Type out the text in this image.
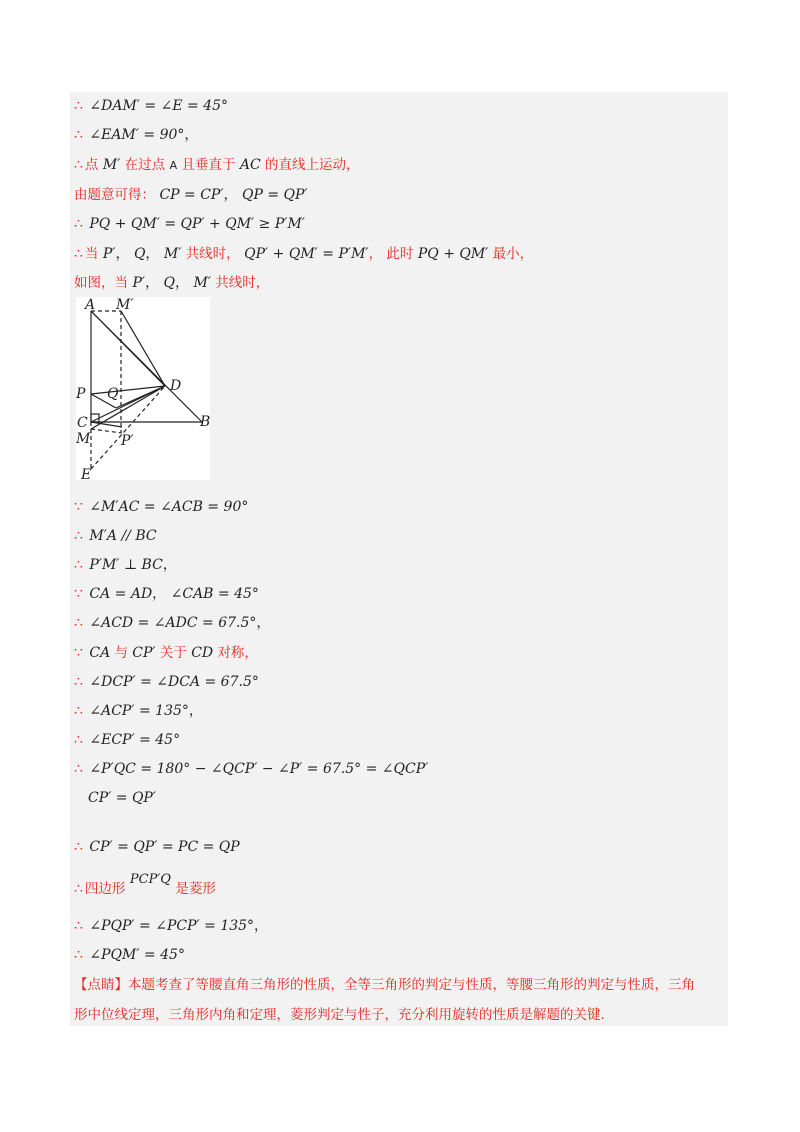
∴ ∠DAM′ = ∠E = 45°
∴ ∠EAM′ = 90°，
∴ 点 M′ 在过点 A 且垂直于 AC 的直线上运动，
由题意可得： CP = CP′， QP = QP′
∴ PQ + QM′ = QP′ + QM′ ≥ P′M′
∴ 当 P′， Q， M′ 共线时， QP′ + QM′ = P′M′， 此时 PQ + QM′ 最小，
如图，当 P′， Q， M′ 共线时，
A M′
D
P Q
C	B
M P′
E
∵ ∠M′AC = ∠ACB = 90°
∴ M′A // BC
∴ P′M′ ⊥ BC，
∵ CA = AD， ∠CAB = 45°
∴ ∠ACD = ∠ADC = 67.5°，
∵ CA 与 CP′ 关于 CD 对称，
∴ ∠DCP′ = ∠DCA = 67.5°
∴ ∠ACP′ = 135°，
∴ ∠ECP′ = 45°
∴ ∠P′QC = 180° − ∠QCP′ − ∠P′ = 67.5° = ∠QCP′
CP′ = QP′
∴ CP′ = QP′ = PC = QP
∴ 四边形 PCP′Q 是菱形
∴ ∠PQP′ = ∠PCP′ = 135°，
∴ ∠PQM′ = 45°
【点睛】本题考查了等腰直角三角形的性质，全等三角形的判定与性质，等腰三角形的判定与性质，三角
形中位线定理，三角形内角和定理，菱形判定与性子，充分利用旋转的性质是解题的关键.
